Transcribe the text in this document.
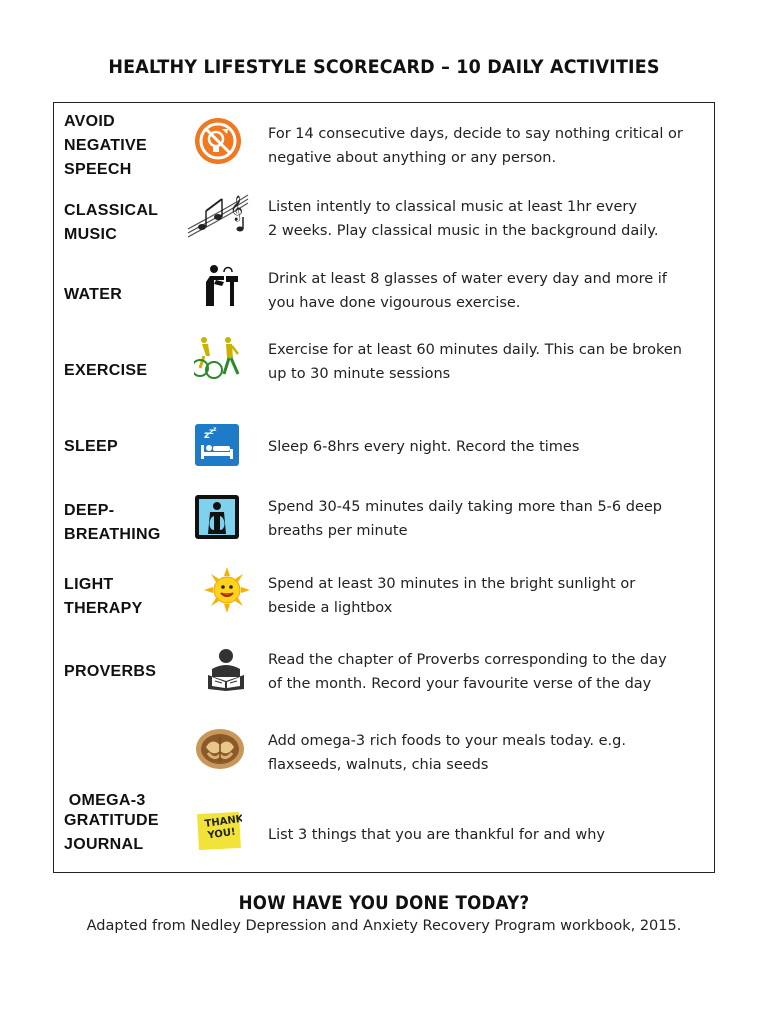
HEALTHY LIFESTYLE SCORECARD – 10 DAILY ACTIVITIES
AVOID
NEGATIVE
SPEECH
For 14 consecutive days, decide to say nothing critical or
negative about anything or any person.
CLASSICAL
MUSIC
𝄞 Listen intently to classical music at least 1hr every
2 weeks. Play classical music in the background daily.
WATER
Drink at least 8 glasses of water every day and more if
you have done vigourous exercise.
EXERCISE
Exercise for at least 60 minutes daily. This can be broken
up to 30 minute sessions
SLEEP
z z z
Sleep 6-8hrs every night. Record the times
DEEP-
BREATHING
Spend 30-45 minutes daily taking more than 5-6 deep
breaths per minute
LIGHT
THERAPY
Spend at least 30 minutes in the bright sunlight or
beside a lightbox
PROVERBS
Read the chapter of Proverbs corresponding to the day
of the month. Record your favourite verse of the day

OMEGA-3

Add omega-3 rich foods to your meals today. e.g.
flaxseeds, walnuts, chia seeds
GRATITUDE
JOURNAL
THANK
YOU! List 3 things that you are thankful for and why
HOW HAVE YOU DONE TODAY?
Adapted from Nedley Depression and Anxiety Recovery Program workbook, 2015.
